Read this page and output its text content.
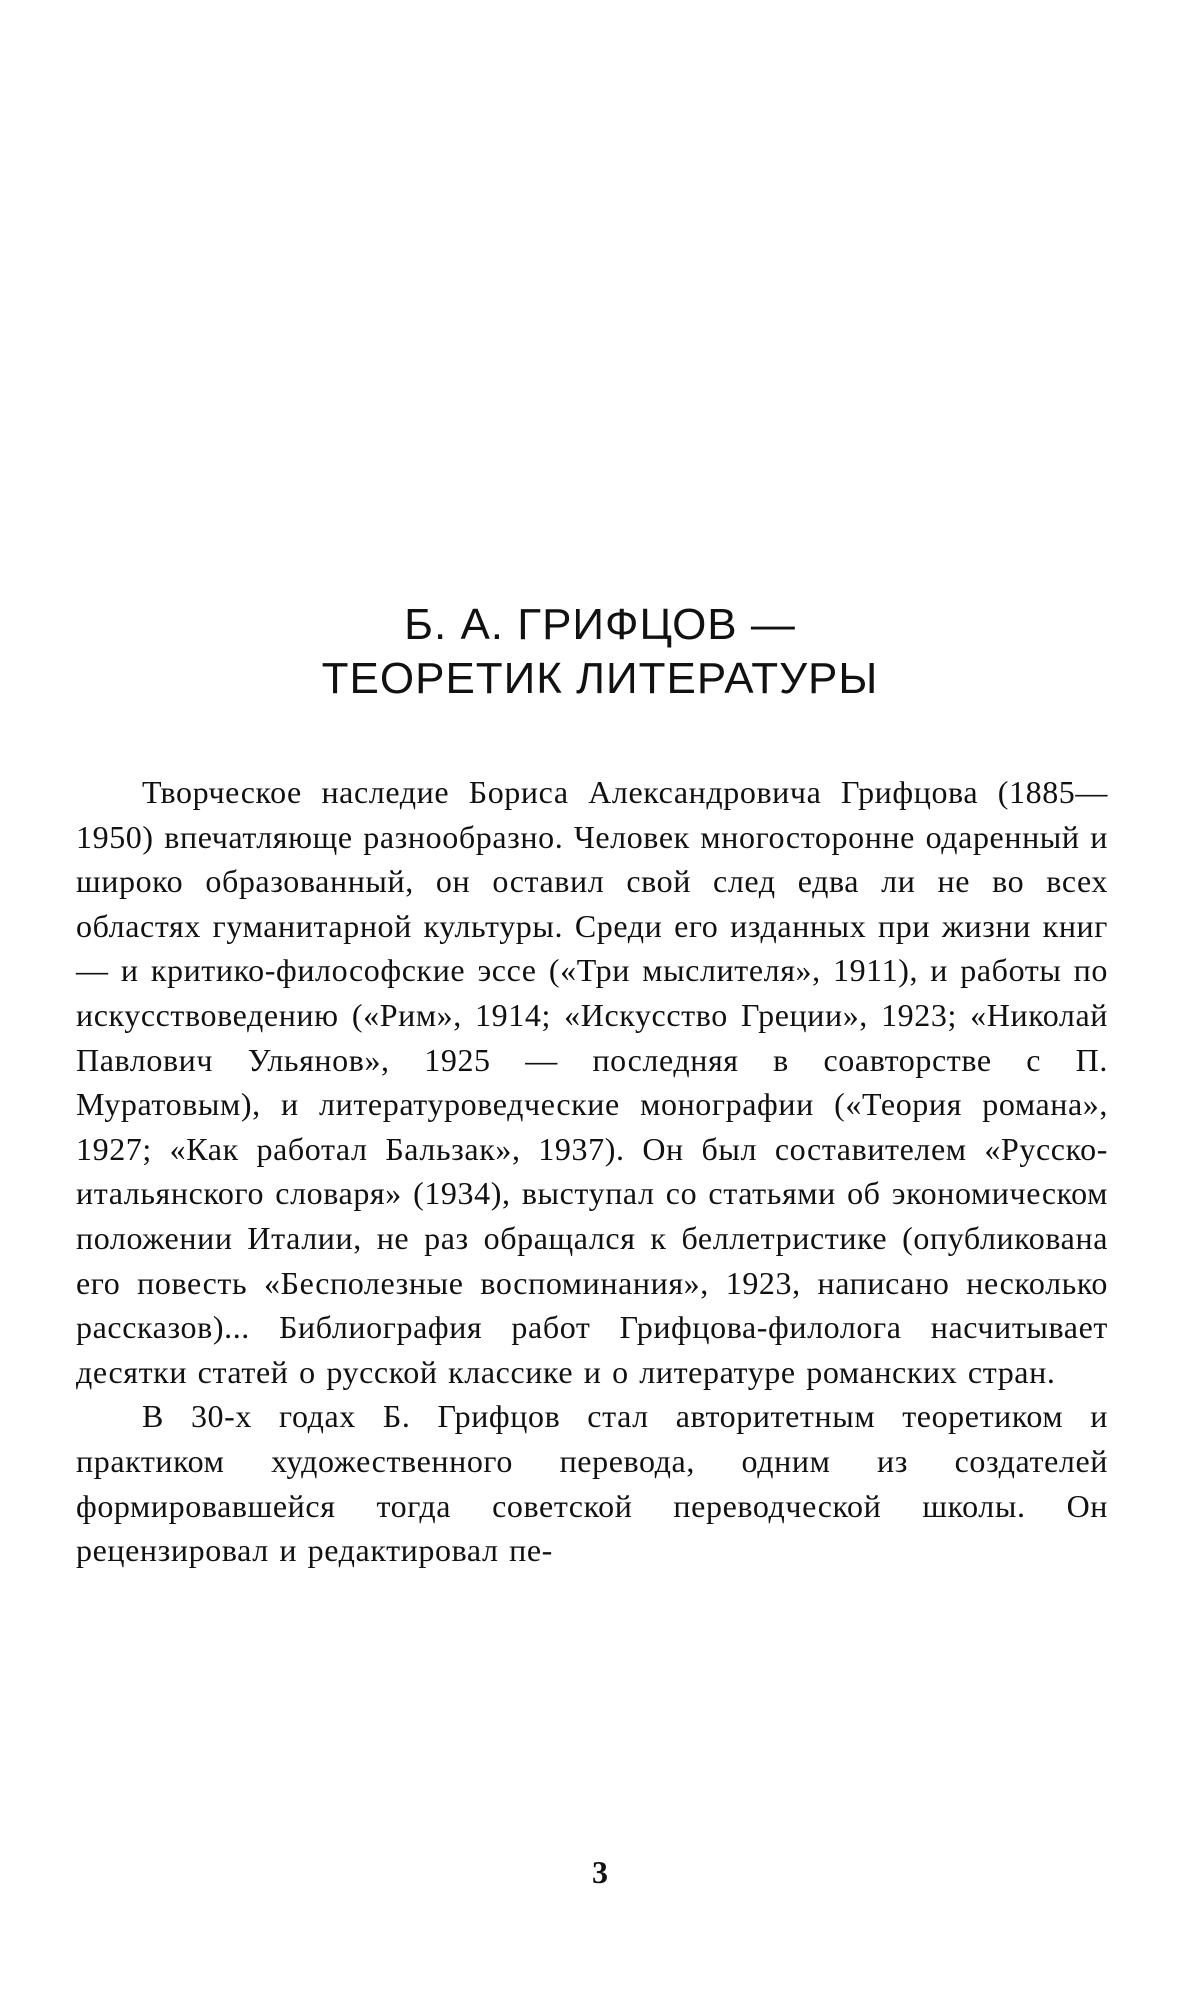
Б. А. ГРИФЦОВ —
ТЕОРЕТИК ЛИТЕРАТУРЫ

Творческое наследие Бориса Александровича Грифцова (1885—1950) впечатляюще разнообразно. Человек многосторонне одаренный и широко образованный, он оставил свой след едва ли не во всех областях гуманитарной культуры. Среди его изданных при жизни книг — и критико-философские эссе («Три мыслителя», 1911), и работы по искусствоведению («Рим», 1914; «Искусство Греции», 1923; «Николай Павлович Ульянов», 1925 — последняя в соавторстве с П. Муратовым), и литературоведческие монографии («Теория романа», 1927; «Как работал Бальзак», 1937). Он был составителем «Русско-итальянского словаря» (1934), выступал со статьями об экономическом положении Италии, не раз обращался к беллетристике (опубликована его повесть «Бесполезные воспоминания», 1923, написано несколько рассказов)... Библиография работ Грифцова-филолога насчитывает десятки статей о русской классике и о литературе романских стран.

В 30-х годах Б. Грифцов стал авторитетным теоретиком и практиком художественного перевода, одним из создателей формировавшейся тогда советской переводческой школы. Он рецензировал и редактировал пе-

3
